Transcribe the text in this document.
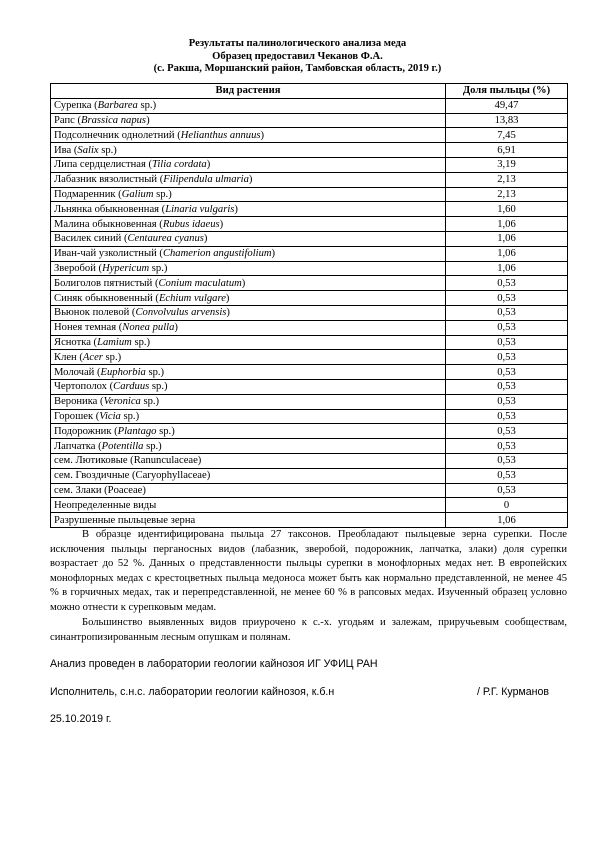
Результаты палинологического анализа меда
Образец предоставил Чеканов Ф.А.
(с. Ракша, Моршанский район, Тамбовская область, 2019 г.)
Вид растения	Доля пыльцы (%)
Сурепка (Barbarea sp.)	49,47
Рапс (Brassica napus)	13,83
Подсолнечник однолетний (Helianthus annuus)	7,45
Ива (Salix sp.)	6,91
Липа сердцелистная (Tilia cordata)	3,19
Лабазник вязолистный (Filipendula ulmaria)	2,13
Подмаренник (Galium sp.)	2,13
Льнянка обыкновенная (Linaria vulgaris)	1,60
Малина обыкновенная (Rubus idaeus)	1,06
Василек синий (Centaurea cyanus)	1,06
Иван-чай узколистный (Chamerion angustifolium)	1,06
Зверобой (Hypericum sp.)	1,06
Болиголов пятнистый (Conium maculatum)	0,53
Синяк обыкновенный (Echium vulgare)	0,53
Вьюнок полевой (Convolvulus arvensis)	0,53
Нонея темная (Nonea pulla)	0,53
Яснотка (Lamium sp.)	0,53
Клен (Acer sp.)	0,53
Молочай (Euphorbia sp.)	0,53
Чертополох (Carduus sp.)	0,53
Вероника (Veronica sp.)	0,53
Горошек (Vicia sp.)	0,53
Подорожник (Plantago sp.)	0,53
Лапчатка (Potentilla sp.)	0,53
сем. Лютиковые (Ranunculaceae)	0,53
сем. Гвоздичные (Caryophyllaceae)	0,53
сем. Злаки (Poaceae)	0,53
Неопределенные виды	0
Разрушенные пыльцевые зерна	1,06

В образце идентифицирована пыльца 27 таксонов. Преобладают пыльцевые зерна сурепки. После исключения пыльцы перганосных видов (лабазник, зверобой, подорожник, лапчатка, злаки) доля сурепки возрастает до 52 %. Данных о представленности пыльцы сурепки в монофлорных медах нет. В европейских монофлорных медах с крестоцветных пыльца медоноса может быть как нормально представленной, не менее 45 % в горчичных медах, так и перепредставленной, не менее 60 % в рапсовых медах. Изученный образец условно можно отнести к сурепковым медам.

Большинство выявленных видов приурочено к с.-х. угодьям и залежам, приручьевым сообществам, синантропизированным лесным опушкам и полянам.

Анализ проведен в лаборатории геологии кайнозоя ИГ УФИЦ РАН
Исполнитель, с.н.с. лаборатории геологии кайнозоя, к.б.н	/ Р.Г. Курманов
25.10.2019 г.
